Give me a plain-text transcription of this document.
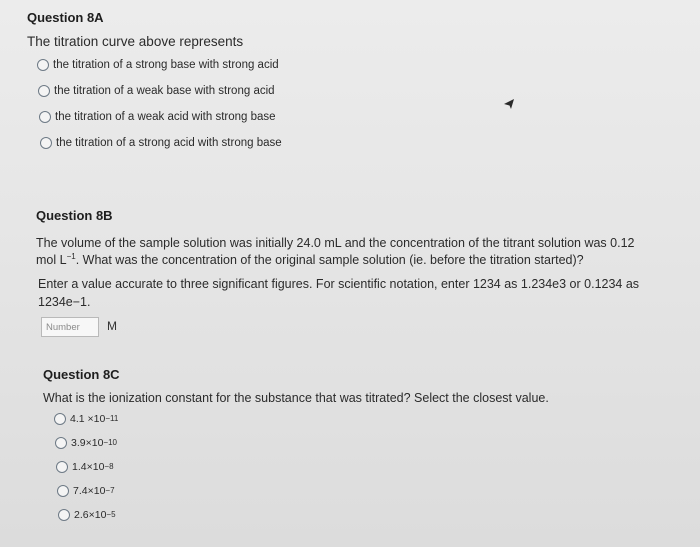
Question 8A
The titration curve above represents
the titration of a strong base with strong acid
the titration of a weak base with strong acid
the titration of a weak acid with strong base
the titration of a strong acid with strong base
Question 8B
The volume of the sample solution was initially 24.0 mL and the concentration of the titrant solution was 0.12
mol $L^{-1}$. What was the concentration of the original sample solution (ie. before the titration started)?
Enter a value accurate to three significant figures. For scientific notation, enter 1234 as 1.234e3 or 0.1234 as
1234e−1.
Number	M
Question 8C
What is the ionization constant for the substance that was titrated? Select the closest value.
4.1 ×10 −11
3.9×10 −10
1.4×10 −8
7.4×10 −7
2.6×10 −5
